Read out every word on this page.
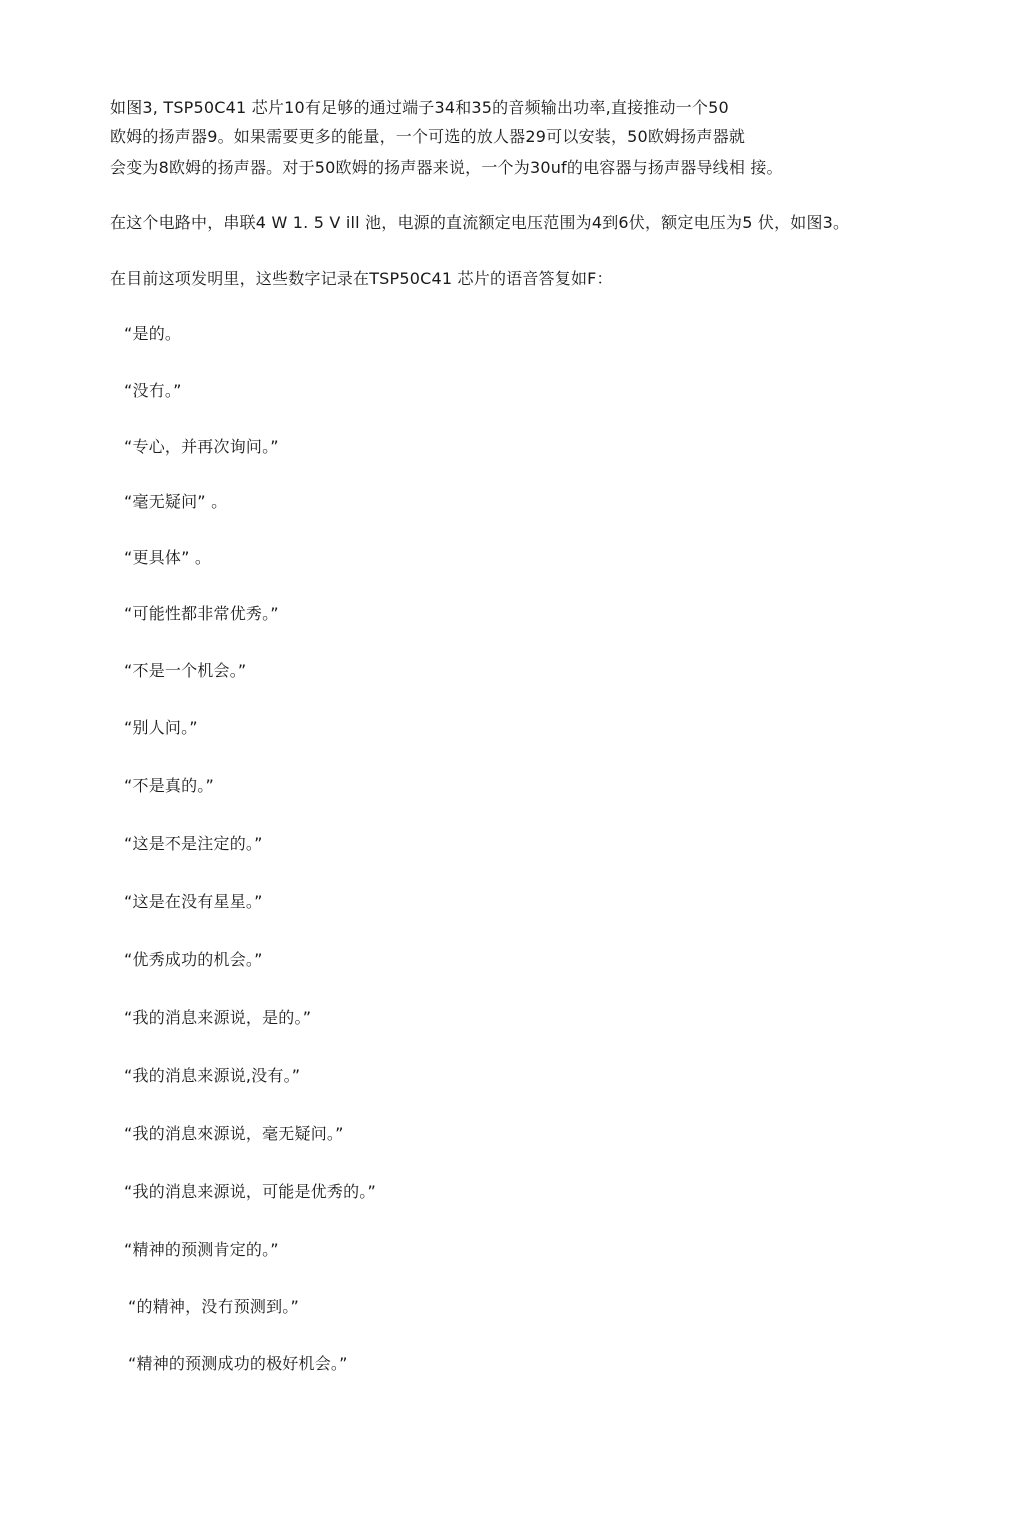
如图3, TSP50C41 芯片10有足够的通过端子34和35的音频输出功率,直接推动一个50
欧姆的扬声器9。如果需要更多的能量，一个可选的放人器29可以安装，50欧姆扬声器就
会变为8欧姆的扬声器。对于50欧姆的扬声器来说，一个为30uf的电容器与扬声器导线相 接。
在这个电路中，串联4 W 1. 5 V ill 池，电源的直流额定电压范围为4到6伏，额定电压为5 伏，如图3。
在目前这项发明里，这些数字记录在TSP50C41 芯片的语音答复如F：
“是的。
“没冇。”
“专心，并再次询问。”
“毫无疑问” 。
“更具体” 。
“可能性都非常优秀。”
“不是一个机会。”
“别人问。”
“不是真的。”
“这是不是注定的。”
“这是在没有星星。”
“优秀成功的机会。”
“我的消息来源说，是的。”
“我的消息来源说,没有。”
“我的消息來源说，毫无疑问。”
“我的消息来源说，可能是优秀的。”
“精神的预测肯定的。”
“的精神，没冇预测到。”
“精神的预测成功的极好机会。”
